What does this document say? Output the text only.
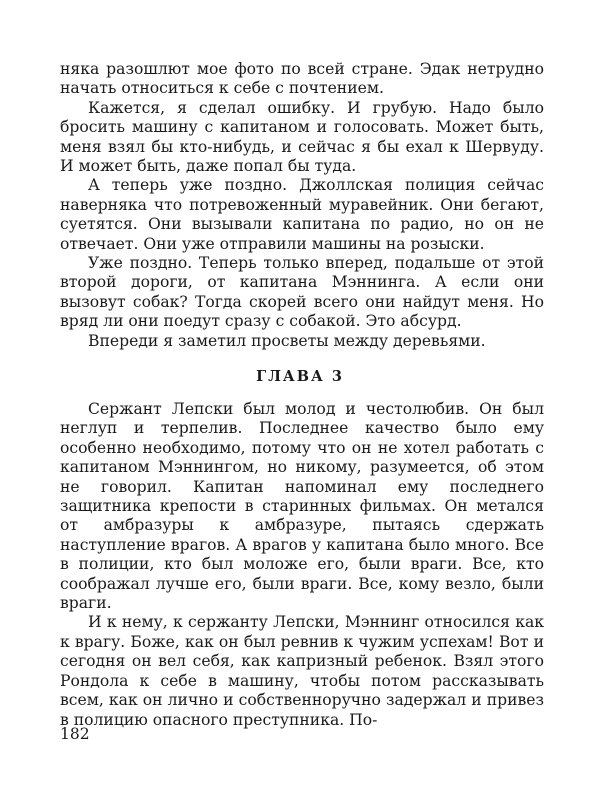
няка разошлют мое фото по всей стране. Эдак нетрудно начать относиться к себе с почтением.

Кажется, я сделал ошибку. И грубую. Надо было бросить машину с капитаном и голосовать. Может быть, меня взял бы кто-нибудь, и сейчас я бы ехал к Шервуду. И может быть, даже попал бы туда.

А теперь уже поздно. Джоллская полиция сейчас наверняка что потревоженный муравейник. Они бегают, суетятся. Они вызывали капитана по радио, но он не отвечает. Они уже отправили машины на розыски.

Уже поздно. Теперь только вперед, подальше от этой второй дороги, от капитана Мэннинга. А если они вызовут собак? Тогда скорей всего они найдут меня. Но вряд ли они поедут сразу с собакой. Это абсурд.

Впереди я заметил просветы между деревьями.

ГЛАВА 3

Сержант Лепски был молод и честолюбив. Он был неглуп и терпелив. Последнее качество было ему особенно необходимо, потому что он не хотел работать с капитаном Мэннингом, но никому, разумеется, об этом не говорил. Капитан напоминал ему последнего защитника крепости в старинных фильмах. Он метался от амбразуры к амбразуре, пытаясь сдержать наступление врагов. А врагов у капитана было много. Все в полиции, кто был моложе его, были враги. Все, кто соображал лучше его, были враги. Все, кому везло, были враги.

И к нему, к сержанту Лепски, Мэннинг относился как к врагу. Боже, как он был ревнив к чужим успехам! Вот и сегодня он вел себя, как капризный ребенок. Взял этого Рондола к себе в машину, чтобы потом рассказывать всем, как он лично и собственноручно задержал и привез в полицию опасного преступника. По-

182
